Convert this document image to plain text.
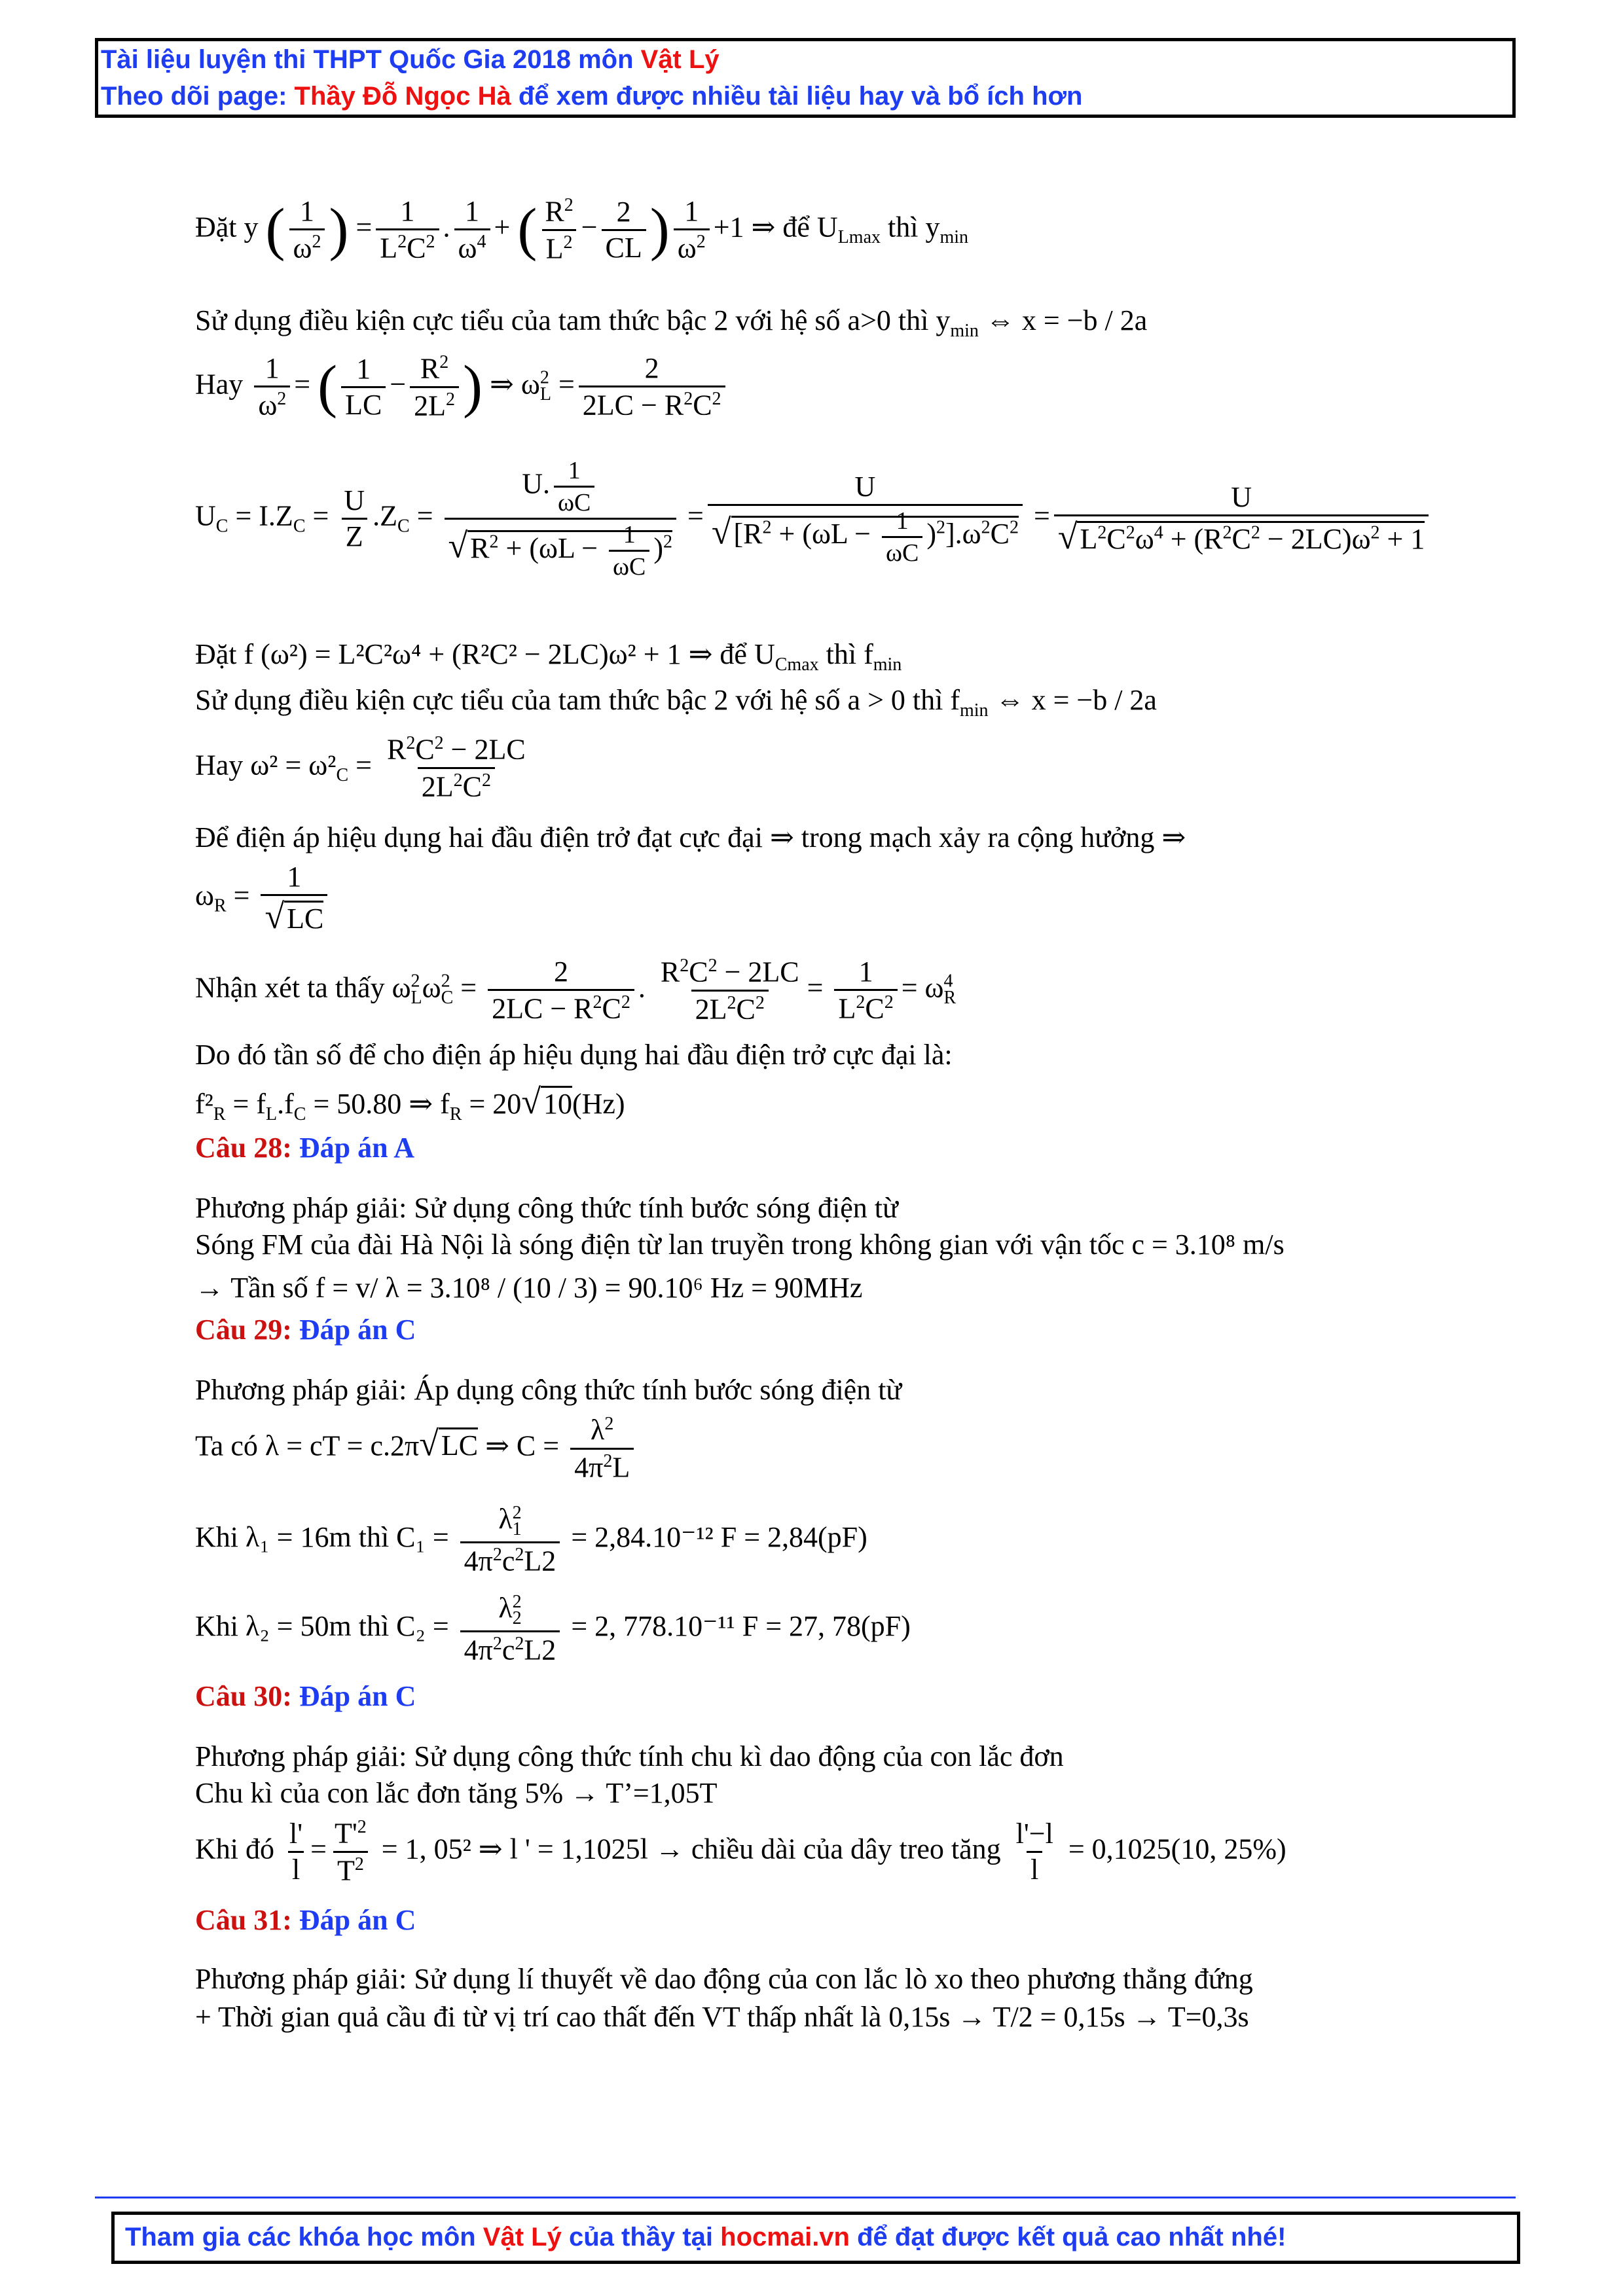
Tài liệu luyện thi THPT Quốc Gia 2018 môn Vật Lý
Theo dõi page: Thầy Đỗ Ngọc Hà để xem được nhiều tài liệu hay và bổ ích hơn
Đặt y ( $\frac{1}{\omega^2}$ ) = $\frac{1}{L^2C^2}$ . $\frac{1}{\omega^4}$ + ( $\frac{R^2}{L^2} - \frac{2}{CL}$ ) $\frac{1}{\omega^2} +1$ ⇒ để $U_{Lmax}$ thì $y_{min}$
Sử dụng điều kiện cực tiểu của tam thức bậc 2 với hệ số a>0 thì $y_{min}$ ⇔ x = −b / 2a
Hay $\frac{1}{\omega^2}$ = ( $\frac{1}{LC} - \frac{R^2}{2L^2}$ ) ⇒ $\omega^2_L = \frac{2}{2LC - R^2C^2}$
$U_C = I.Z_C = \frac{U}{Z} .Z_C = \frac{U. \frac{1}{\omega C}}{√R^2 + (\omega L - \frac{1}{\omega C} )^2} = \frac{U}{√[R^2 + (\omega L - \frac{1}{\omega C} )^2].\omega^2C^2} = \frac{U}{√L^2C^2\omega^4 + (R^2C^2 - 2LC)\omega^2 + 1}$
Đặt f (ω²) = L²C²ω⁴ + (R²C² − 2LC)ω² + 1 ⇒ để $U_{Cmax}$ thì $f_{min}$
Sử dụng điều kiện cực tiểu của tam thức bậc 2 với hệ số a > 0 thì $f_{min}$ ⇔ x = −b / 2a
Hay $\omega^2 = \omega^2_C = \frac{R^2C^2 - 2LC}{2L^2C^2}$
Để điện áp hiệu dụng hai đầu điện trở đạt cực đại ⇒ trong mạch xảy ra cộng hưởng ⇒
$\omega_R = \frac{1}{√LC}$
Nhận xét ta thấy $\omega^2_L\omega^2_C = \frac{2}{2LC - R^2C^2}$ . $\frac{R^2C^2 - 2LC}{2L^2C^2} = \frac{1}{L^2C^2} = \omega^4_R$
Do đó tần số để cho điện áp hiệu dụng hai đầu điện trở cực đại là:
$f^2_R = f_L.f_C = 50.80$ ⇒ $f_R = 20√10(Hz)$
Câu 28: Đáp án A
Phương pháp giải: Sử dụng công thức tính bước sóng điện từ
Sóng FM của đài Hà Nội là sóng điện từ lan truyền trong không gian với vận tốc c = 3.10⁸ m/s
→ Tần số f = v/ λ = 3.10⁸ / (10 / 3) = 90.10⁶ Hz = 90MHz
Câu 29: Đáp án C
Phương pháp giải: Áp dụng công thức tính bước sóng điện từ
Ta có λ = cT = c.2π√LC ⇒ $C = \frac{\lambda^2}{4\pi^2L}$
Khi λ₁ = 16m thì $C_1 = \frac{\lambda^2_1}{4\pi^2c^2L2} = 2,84.10^{-12}$ F = 2,84(pF)
Khi λ₂ = 50m thì $C_2 = \frac{\lambda^2_2}{4\pi^2c^2L2} = 2$, 778.10⁻¹¹ F = 27, 78(pF)
Câu 30: Đáp án C
Phương pháp giải: Sử dụng công thức tính chu kì dao động của con lắc đơn
Chu kì của con lắc đơn tăng 5% → T’=1,05T
Khi đó $\frac{l'}{l} = \frac{T'^2}{T^2} = 1$, 05² ⇒ l ' = 1,1025l → chiều dài của dây treo tăng $\frac{l'-l}{l} = 0,1025(10$, 25%)
Câu 31: Đáp án C
Phương pháp giải: Sử dụng lí thuyết về dao động của con lắc lò xo theo phương thẳng đứng
+ Thời gian quả cầu đi từ vị trí cao thất đến VT thấp nhất là 0,15s → T/2 = 0,15s → T=0,3s
Tham gia các khóa học môn Vật Lý của thầy tại hocmai.vn để đạt được kết quả cao nhất nhé!
